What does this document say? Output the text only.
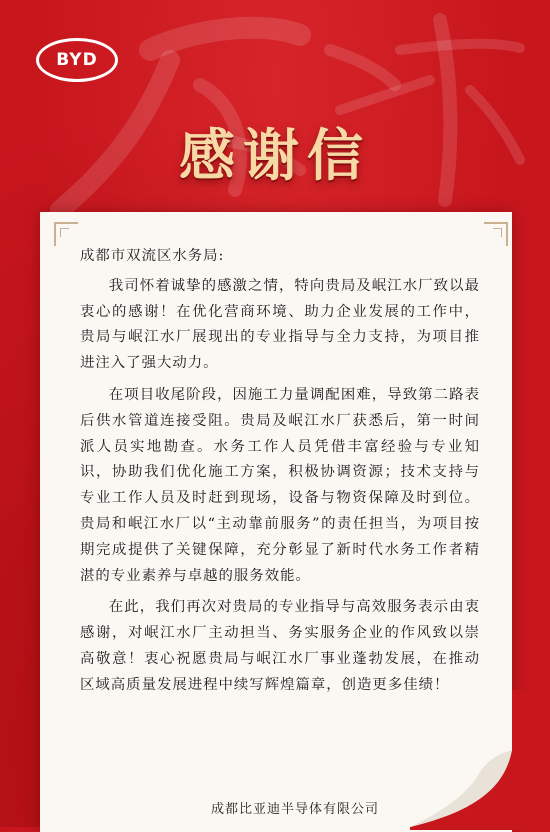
BYD
感谢信

成都市双流区水务局:

我司怀着诚挚的感激之情，特向贵局及岷江水厂致以最衷心的感谢！在优化营商环境、助力企业发展的工作中，贵局与岷江水厂展现出的专业指导与全力支持，为项目推进注入了强大动力。

在项目收尾阶段，因施工力量调配困难，导致第二路表后供水管道连接受阻。贵局及岷江水厂获悉后，第一时间派人员实地勘查。水务工作人员凭借丰富经验与专业知识，协助我们优化施工方案，积极协调资源；技术支持与专业工作人员及时赶到现场，设备与物资保障及时到位。贵局和岷江水厂以“主动靠前服务”的责任担当，为项目按期完成提供了关键保障，充分彰显了新时代水务工作者精湛的专业素养与卓越的服务效能。

在此，我们再次对贵局的专业指导与高效服务表示由衷感谢，对岷江水厂主动担当、务实服务企业的作风致以崇高敬意！衷心祝愿贵局与岷江水厂事业蓬勃发展，在推动区域高质量发展进程中续写辉煌篇章，创造更多佳绩！

成都比亚迪半导体有限公司
